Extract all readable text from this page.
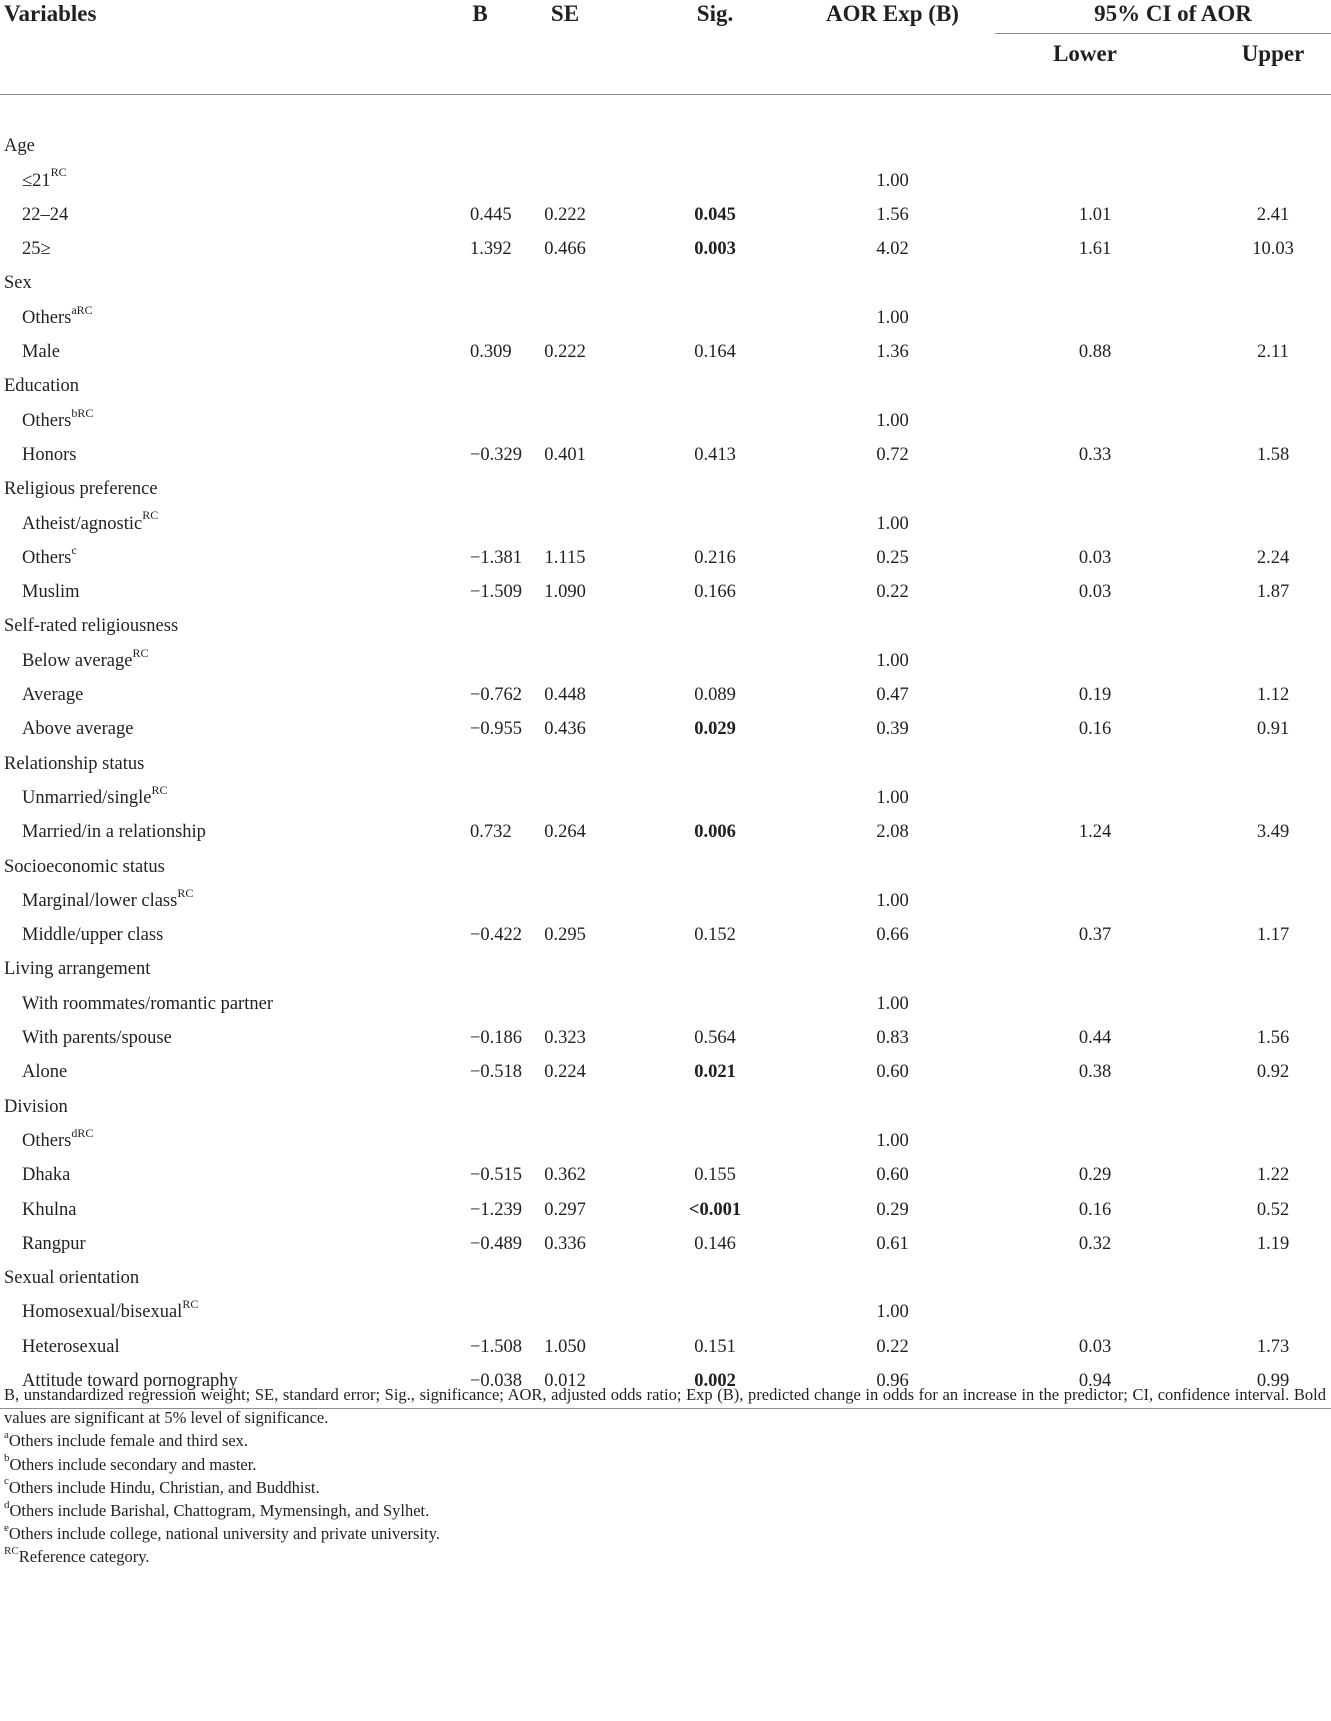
Variables	B	SE	Sig.	AOR Exp (B)	95% CI of AOR	
					Lower	Upper

Age						
$\le 21^{RC}$				1.00		
22–24	0.445	0.222	0.045	1.56	1.01	2.41
25≥	1.392	0.466	0.003	4.02	1.61	10.03
Sex						
Others$^{aRC}$				1.00		
Male	0.309	0.222	0.164	1.36	0.88	2.11
Education						
Others$^{bRC}$				1.00		
Honors	−0.329	0.401	0.413	0.72	0.33	1.58
Religious preference						
Atheist/agnostic$^{RC}$				1.00		
Others$^c$	−1.381	1.115	0.216	0.25	0.03	2.24
Muslim	−1.509	1.090	0.166	0.22	0.03	1.87
Self-rated religiousness						
Below average$^{RC}$				1.00		
Average	−0.762	0.448	0.089	0.47	0.19	1.12
Above average	−0.955	0.436	0.029	0.39	0.16	0.91
Relationship status						
Unmarried/single$^{RC}$				1.00		
Married/in a relationship	0.732	0.264	0.006	2.08	1.24	3.49
Socioeconomic status						
Marginal/lower class$^{RC}$				1.00		
Middle/upper class	−0.422	0.295	0.152	0.66	0.37	1.17
Living arrangement						
With roommates/romantic partner				1.00		
With parents/spouse	−0.186	0.323	0.564	0.83	0.44	1.56
Alone	−0.518	0.224	0.021	0.60	0.38	0.92
Division						
Others$^{dRC}$				1.00		
Dhaka	−0.515	0.362	0.155	0.60	0.29	1.22
Khulna	−1.239	0.297	<0.001	0.29	0.16	0.52
Rangpur	−0.489	0.336	0.146	0.61	0.32	1.19
Sexual orientation						
Homosexual/bisexual$^{RC}$				1.00		
Heterosexual	−1.508	1.050	0.151	0.22	0.03	1.73
Attitude toward pornography	−0.038	0.012	0.002	0.96	0.94	0.99

B, unstandardized regression weight; SE, standard error; Sig., significance; AOR, adjusted odds ratio; Exp (B), predicted change in odds for an increase in the predictor; CI, confidence interval. Bold values are significant at 5% level of significance.

$^a$Others include female and third sex.

$^b$Others include secondary and master.

$^c$Others include Hindu, Christian, and Buddhist.

$^d$Others include Barishal, Chattogram, Mymensingh, and Sylhet.

$^e$Others include college, national university and private university.

$^{RC}$Reference category.
